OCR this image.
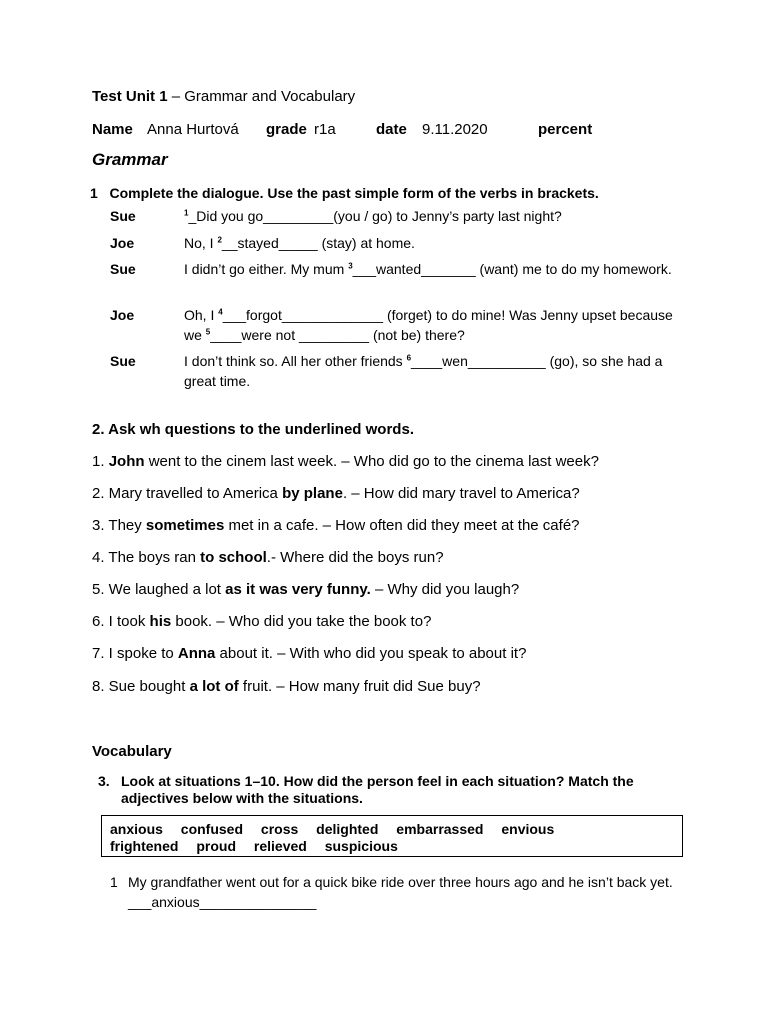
Test Unit 1 – Grammar and Vocabulary
Name Anna Hurtová grade r1a	date 9.11.2020	percent
Grammar
1 Complete the dialogue. Use the past simple form of the verbs in brackets.
Sue	$^1$_Did you go_________(you / go) to Jenny’s party last night?
Joe	No, I $^2$__stayed_____ (stay) at home.
Sue	I didn’t go either. My mum $^3$___wanted_______ (want) me to do my homework.
Joe	Oh, I $^4$___forgot_____________ (forget) to do mine! Was Jenny upset because we $^5$____were not _________ (not be) there?
Sue	I don’t think so. All her other friends $^6$____wen__________ (go), so she had a great time.
2. Ask wh questions to the underlined words.
1. John went to the cinem last week. – Who did go to the cinema last week?
2. Mary travelled to America by plane. – How did mary travel to America?
3. They sometimes met in a cafe. – How often did they meet at the café?
4. The boys ran to school.- Where did the boys run?
5. We laughed a lot as it was very funny. – Why did you laugh?
6. I took his book. – Who did you take the book to?
7. I spoke to Anna about it. – With who did you speak to about it?
8. Sue bought a lot of fruit. – How many fruit did Sue buy?
Vocabulary
3. Look at situations 1–10. How did the person feel in each situation? Match the adjectives below with the situations.
anxious confused cross delighted embarrassed envious
frightened proud relieved suspicious
1 My grandfather went out for a quick bike ride over three hours ago and he isn’t back yet. ___anxious_______________
